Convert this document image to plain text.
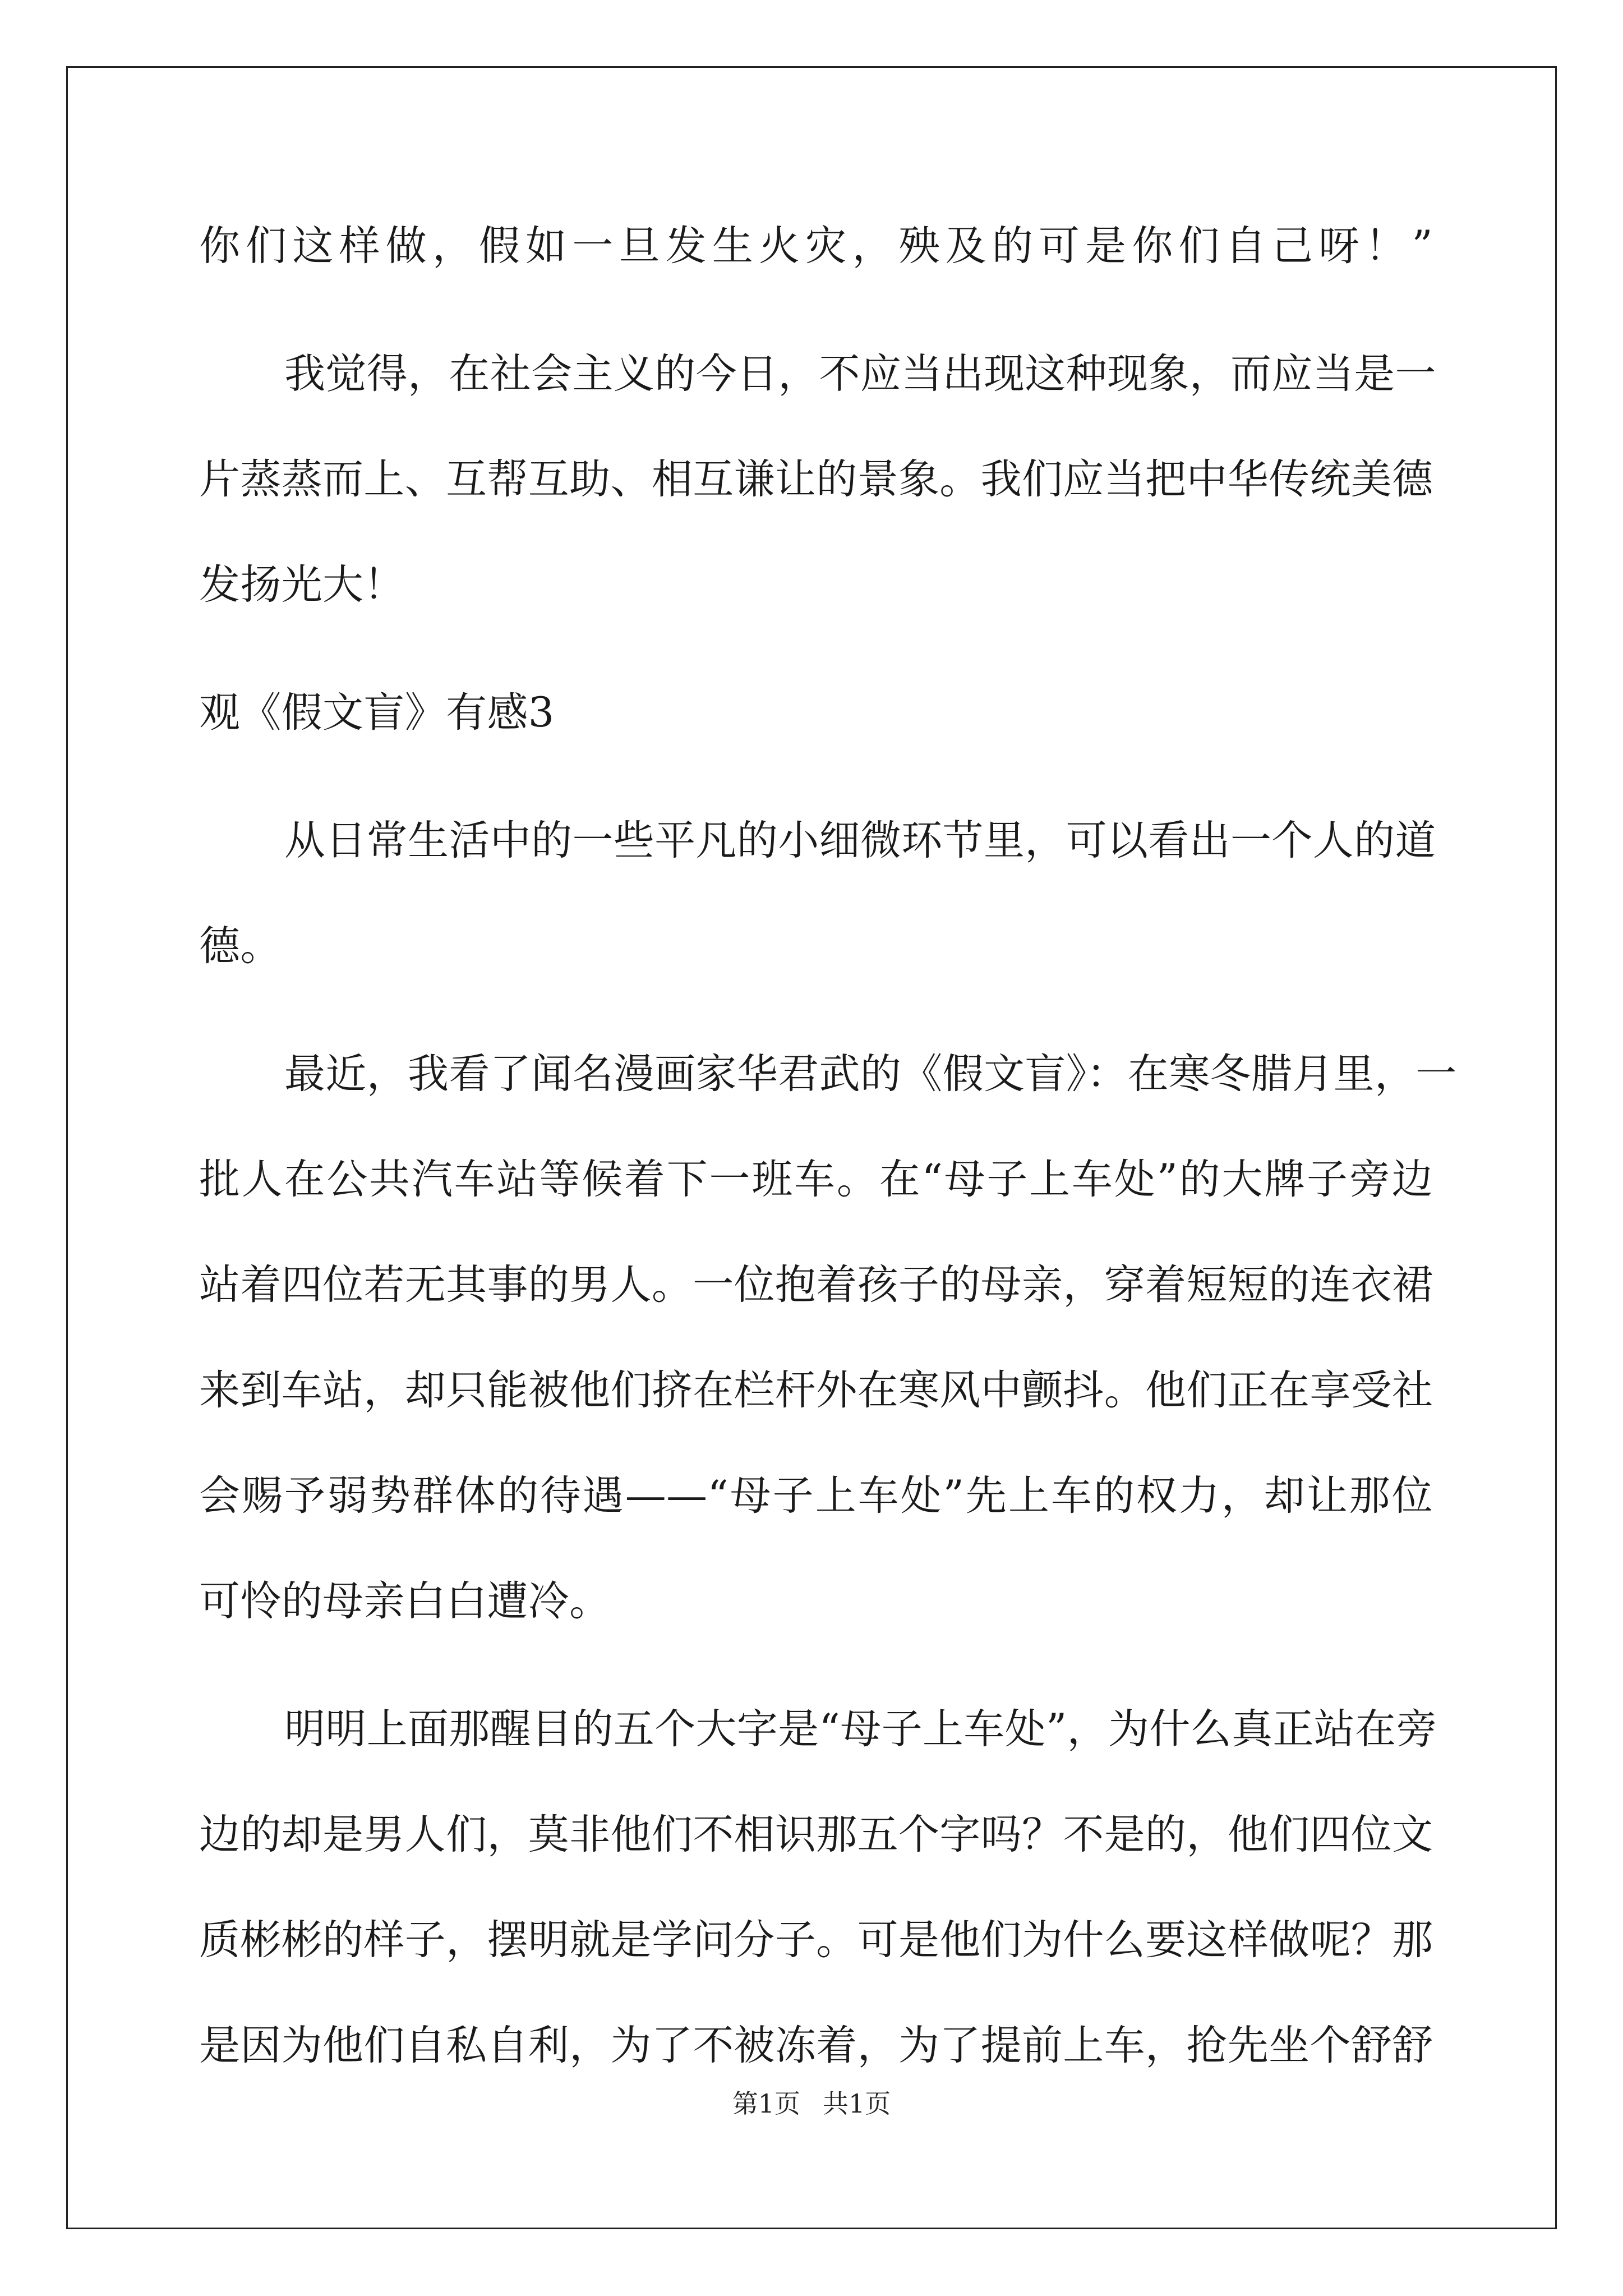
你们这样做，假如一旦发生火灾，殃及的可是你们自己呀！”
我觉得，在社会主义的今日，不应当出现这种现象，而应当是一
片蒸蒸而上、互帮互助、相互谦让的景象。我们应当把中华传统美德
发扬光大！
观《假文盲》有感3
从日常生活中的一些平凡的小细微环节里，可以看出一个人的道
德。
最近，我看了闻名漫画家华君武的《假文盲》：在寒冬腊月里，一
批人在公共汽车站等候着下一班车。在“母子上车处”的大牌子旁边
站着四位若无其事的男人。一位抱着孩子的母亲，穿着短短的连衣裙
来到车站，却只能被他们挤在栏杆外在寒风中颤抖。他们正在享受社
会赐予弱势群体的待遇——“母子上车处”先上车的权力，却让那位
可怜的母亲白白遭冷。
明明上面那醒目的五个大字是“母子上车处”，为什么真正站在旁
边的却是男人们，莫非他们不相识那五个字吗？不是的，他们四位文
质彬彬的样子，摆明就是学问分子。可是他们为什么要这样做呢？那
是因为他们自私自利，为了不被冻着，为了提前上车，抢先坐个舒舒
第1页 共1页
